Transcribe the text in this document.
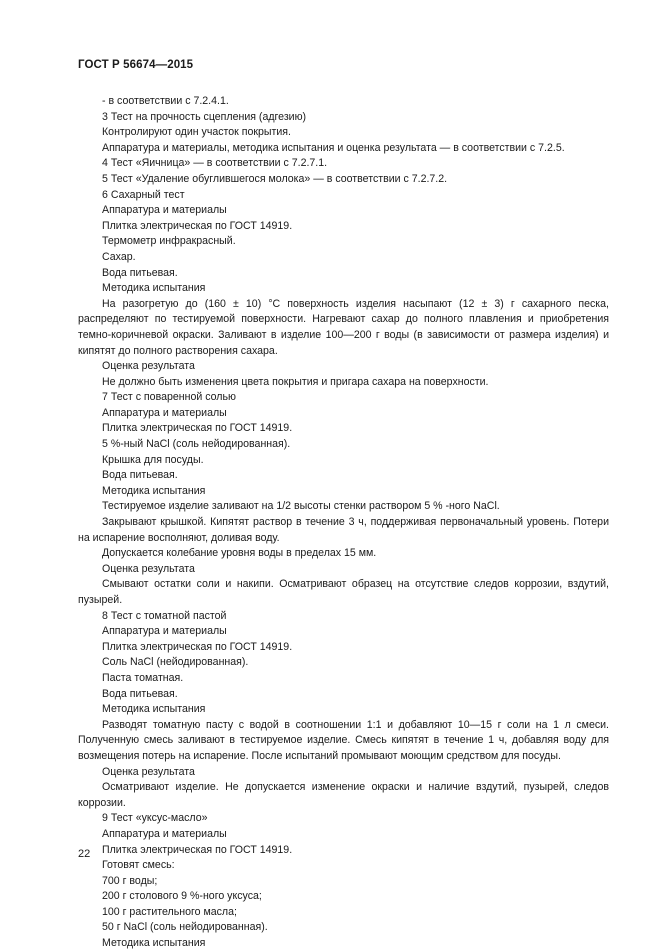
ГОСТ Р 56674—2015

- в соответствии с 7.2.4.1.

3 Тест на прочность сцепления (адгезию)

Контролируют один участок покрытия.

Аппаратура и материалы, методика испытания и оценка результата — в соответствии с 7.2.5.

4 Тест «Яичница» — в соответствии с 7.2.7.1.

5 Тест «Удаление обуглившегося молока» — в соответствии с 7.2.7.2.

6 Сахарный тест

Аппаратура и материалы

Плитка электрическая по ГОСТ 14919.

Термометр инфракрасный.

Сахар.

Вода питьевая.

Методика испытания

На разогретую до (160 ± 10) °С поверхность изделия насыпают (12 ± 3) г сахарного песка, распределяют по тестируемой поверхности. Нагревают сахар до полного плавления и приобретения темно-коричневой окраски. Заливают в изделие 100—200 г воды (в зависимости от размера изделия) и кипятят до полного растворения сахара.

Оценка результата

Не должно быть изменения цвета покрытия и пригара сахара на поверхности.

7 Тест с поваренной солью

Аппаратура и материалы

Плитка электрическая по ГОСТ 14919.

5 %-ный NaCl (соль нейодированная).

Крышка для посуды.

Вода питьевая.

Методика испытания

Тестируемое изделие заливают на 1/2 высоты стенки раствором 5 % -ного NaCl.

Закрывают крышкой. Кипятят раствор в течение 3 ч, поддерживая первоначальный уровень. Потери на испарение восполняют, доливая воду.

Допускается колебание уровня воды в пределах 15 мм.

Оценка результата

Смывают остатки соли и накипи. Осматривают образец на отсутствие следов коррозии, вздутий, пузырей.

8 Тест с томатной пастой

Аппаратура и материалы

Плитка электрическая по ГОСТ 14919.

Соль NaCl (нейодированная).

Паста томатная.

Вода питьевая.

Методика испытания

Разводят томатную пасту с водой в соотношении 1:1 и добавляют 10—15 г соли на 1 л смеси. Полученную смесь заливают в тестируемое изделие. Смесь кипятят в течение 1 ч, добавляя воду для возмещения потерь на испарение. После испытаний промывают моющим средством для посуды.

Оценка результата

Осматривают изделие. Не допускается изменение окраски и наличие вздутий, пузырей, следов коррозии.

9 Тест «уксус-масло»

Аппаратура и материалы

Плитка электрическая по ГОСТ 14919.

Готовят смесь:

700 г воды;

200 г столового 9 %-ного уксуса;

100 г растительного масла;

50 г NaCl (соль нейодированная).

Методика испытания

22
